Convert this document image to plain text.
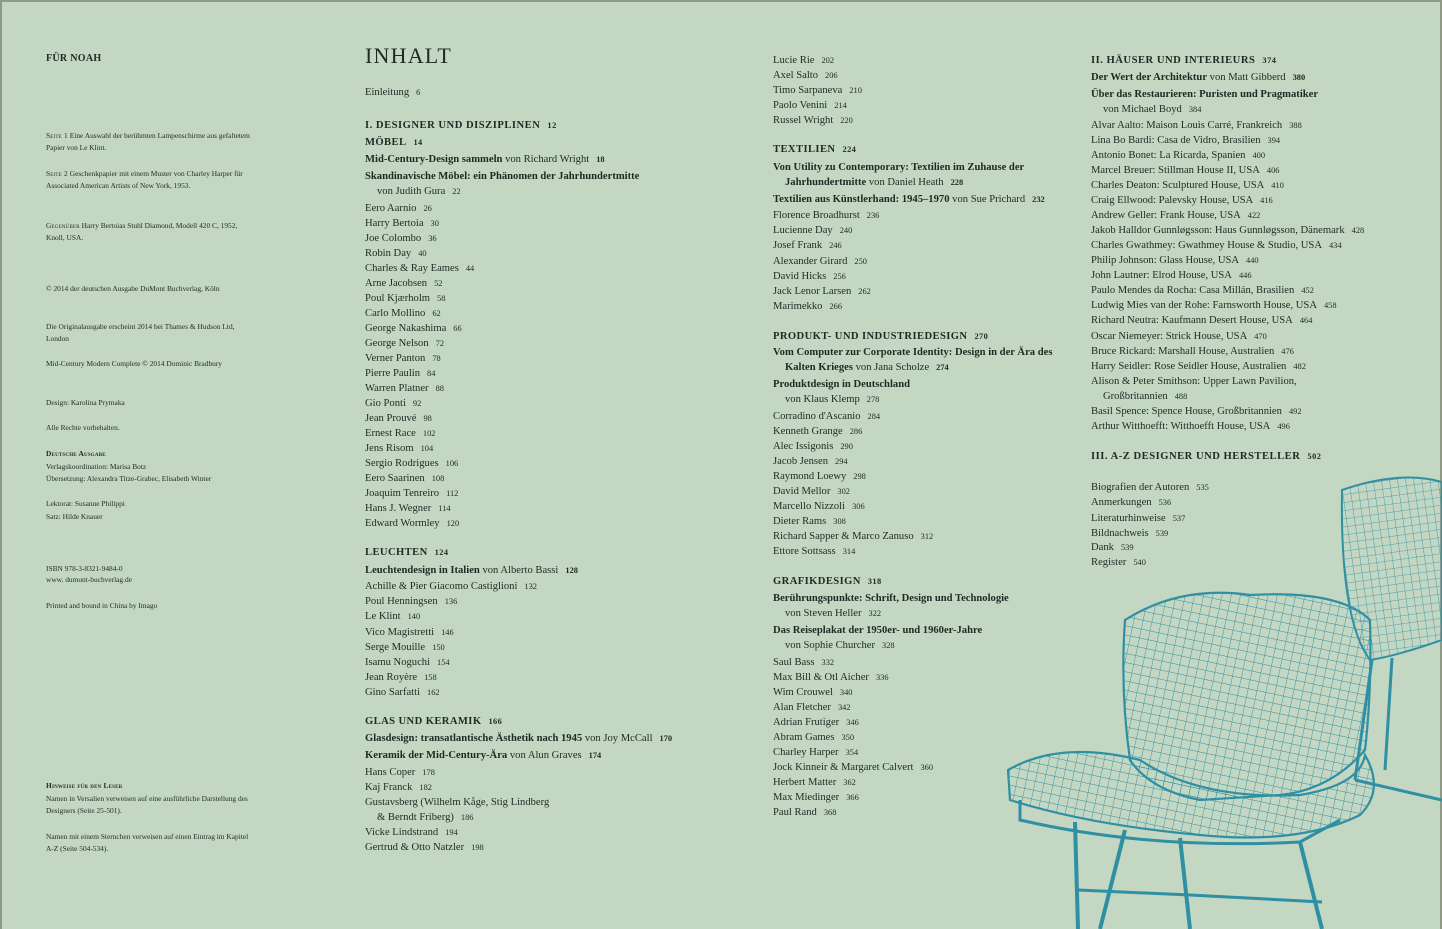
FÜR NOAH
Seite 1 Eine Auswahl der berühmten Lampenschirme aus gefaltetem Papier von Le Klint.
Seite 2 Geschenkpapier mit einem Muster von Charley Harper für Associated American Artists of New York, 1953.
Gegenüber Harry Bertoias Stuhl Diamond, Modell 420 C, 1952, Knoll, USA.
© 2014 der deutschen Ausgabe DuMont Buchverlag, Köln
Die Originalausgabe erscheint 2014 bei Thames & Hudson Ltd, London
Mid-Century Modern Complete © 2014 Dominic Bradbury
Design: Karolina Prymaka
Alle Rechte vorbehalten.
Deutsche Ausgabe
Verlagskoordination: Marisa Botz
Übersetzung: Alexandra Titze-Grabec, Elisabeth Winter
Lektorat: Susanne Philippi
Satz: Hilde Knauer
ISBN 978-3-8321-9484-0
www. dumont-buchverlag.de
Printed and bound in China by Imago
Hinweise für den Leser
Namen in Versalien verweisen auf eine ausführliche Darstellung des Designers (Seite 25-501).
Namen mit einem Sternchen verweisen auf einen Eintrag im Kapitel A-Z (Seite 504-534).
INHALT
Einleitung 6
I. DESIGNER UND DISZIPLINEN 12
MÖBEL 14
Mid-Century-Design sammeln von Richard Wright 18
Skandinavische Möbel: ein Phänomen der Jahrhundertmitte
von Judith Gura 22
Eero Aarnio 26
Harry Bertoia 30
Joe Colombo 36
Robin Day 40
Charles & Ray Eames 44
Arne Jacobsen 52
Poul Kjærholm 58
Carlo Mollino 62
George Nakashima 66
George Nelson 72
Verner Panton 78
Pierre Paulin 84
Warren Platner 88
Gio Ponti 92
Jean Prouvé 98
Ernest Race 102
Jens Risom 104
Sergio Rodrigues 106
Eero Saarinen 108
Joaquim Tenreiro 112
Hans J. Wegner 114
Edward Wormley 120
LEUCHTEN 124
Leuchtendesign in Italien von Alberto Bassi 128
Achille & Pier Giacomo Castiglioni 132
Poul Henningsen 136
Le Klint 140
Vico Magistretti 146
Serge Mouille 150
Isamu Noguchi 154
Jean Royère 158
Gino Sarfatti 162
GLAS UND KERAMIK 166
Glasdesign: transatlantische Ästhetik nach 1945 von Joy McCall 170
Keramik der Mid-Century-Ära von Alun Graves 174
Hans Coper 178
Kaj Franck 182
Gustavsberg (Wilhelm Kåge, Stig Lindberg
& Berndt Friberg) 186
Vicke Lindstrand 194
Gertrud & Otto Natzler 198
Lucie Rie 202
Axel Salto 206
Timo Sarpaneva 210
Paolo Venini 214
Russel Wright 220
TEXTILIEN 224
Von Utility zu Contemporary: Textilien im Zuhause der
Jahrhundertmitte von Daniel Heath 228
Textilien aus Künstlerhand: 1945–1970 von Sue Prichard 232
Florence Broadhurst 236
Lucienne Day 240
Josef Frank 246
Alexander Girard 250
David Hicks 256
Jack Lenor Larsen 262
Marimekko 266
PRODUKT- UND INDUSTRIEDESIGN 270
Vom Computer zur Corporate Identity: Design in der Ära des
Kalten Krieges von Jana Scholze 274
Produktdesign in Deutschland
von Klaus Klemp 278
Corradino d'Ascanio 284
Kenneth Grange 286
Alec Issigonis 290
Jacob Jensen 294
Raymond Loewy 298
David Mellor 302
Marcello Nizzoli 306
Dieter Rams 308
Richard Sapper & Marco Zanuso 312
Ettore Sottsass 314
GRAFIKDESIGN 318
Berührungspunkte: Schrift, Design und Technologie
von Steven Heller 322
Das Reiseplakat der 1950er- und 1960er-Jahre
von Sophie Churcher 328
Saul Bass 332
Max Bill & Otl Aicher 336
Wim Crouwel 340
Alan Fletcher 342
Adrian Frutiger 346
Abram Games 350
Charley Harper 354
Jock Kinneir & Margaret Calvert 360
Herbert Matter 362
Max Miedinger 366
Paul Rand 368
II. HÄUSER UND INTERIEURS 374
Der Wert der Architektur von Matt Gibberd 380
Über das Restaurieren: Puristen und Pragmatiker
von Michael Boyd 384
Alvar Aalto: Maison Louis Carré, Frankreich 388
Lina Bo Bardi: Casa de Vidro, Brasilien 394
Antonio Bonet: La Ricarda, Spanien 400
Marcel Breuer: Stillman House II, USA 406
Charles Deaton: Sculptured House, USA 410
Craig Ellwood: Palevsky House, USA 416
Andrew Geller: Frank House, USA 422
Jakob Halldor Gunnløgsson: Haus Gunnløgsson, Dänemark 428
Charles Gwathmey: Gwathmey House & Studio, USA 434
Philip Johnson: Glass House, USA 440
John Lautner: Elrod House, USA 446
Paulo Mendes da Rocha: Casa Millán, Brasilien 452
Ludwig Mies van der Rohe: Farnsworth House, USA 458
Richard Neutra: Kaufmann Desert House, USA 464
Oscar Niemeyer: Strick House, USA 470
Bruce Rickard: Marshall House, Australien 476
Harry Seidler: Rose Seidler House, Australien 482
Alison & Peter Smithson: Upper Lawn Pavilion,
Großbritannien 488
Basil Spence: Spence House, Großbritannien 492
Arthur Witthoefft: Witthoefft House, USA 496
III. A-Z DESIGNER UND HERSTELLER 502
Biografien der Autoren 535
Anmerkungen 536
Literaturhinweise 537
Bildnachweis 539
Dank 539
Register 540
